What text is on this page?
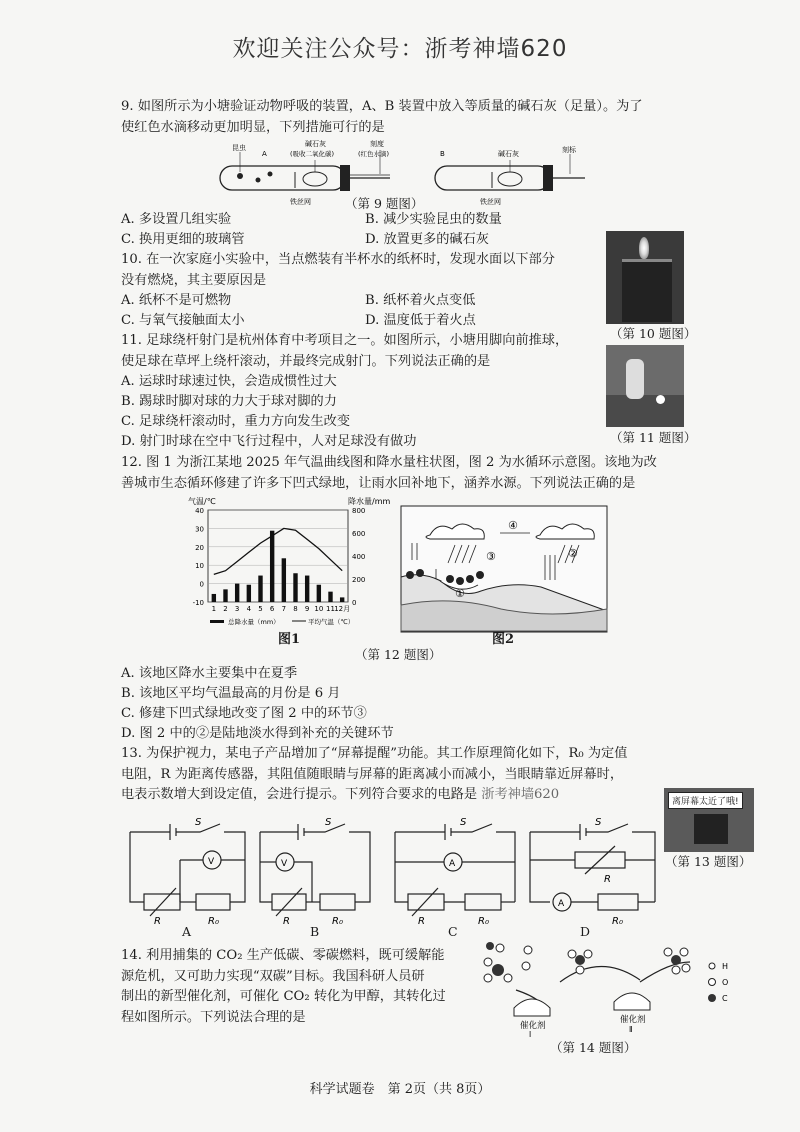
欢迎关注公众号：浙考神墙620
9. 如图所示为小塘验证动物呼吸的装置，A、B 装置中放入等质量的碱石灰（足量）。为了
使红色水滴移动更加明显，下列措施可行的是
昆虫
A
碱石灰
(吸收二氧化碳)
刻度
(红色水滴)
铁丝网
B	碱石灰	刻标
铁丝网
（第 9 题图）
A. 多设置几组实验	B. 减少实验昆虫的数量
C. 换用更细的玻璃管	D. 放置更多的碱石灰
10. 在一次家庭小实验中，当点燃装有半杯水的纸杯时，发现水面以下部分
没有燃烧，其主要原因是
A. 纸杯不是可燃物	B. 纸杯着火点变低
C. 与氧气接触面太小	D. 温度低于着火点
（第 10 题图）
11. 足球绕杆射门是杭州体育中考项目之一。如图所示，小塘用脚向前推球，
使足球在草坪上绕杆滚动，并最终完成射门。下列说法正确的是
A. 运球时球速过快，会造成惯性过大
B. 踢球时脚对球的力大于球对脚的力
C. 足球绕杆滚动时，重力方向发生改变
D. 射门时球在空中飞行过程中，人对足球没有做功	（第 11 题图）
12. 图 1 为浙江某地 2025 年气温曲线图和降水量柱状图，图 2 为水循环示意图。该地为改
善城市生态循环修建了许多下凹式绿地，让雨水回补地下，涵养水源。下列说法正确的是
气温/℃	降水量/mm
40
30
20
10
0
-10
800
600
400
200
0
1 2 3 4 5 6 7 8 9 10 11 12月
总降水量（mm）	平均气温（℃）
图1
④
③	②
①
图2
（第 12 题图）
A. 该地区降水主要集中在夏季
B. 该地区平均气温最高的月份是 6 月
C. 修建下凹式绿地改变了图 2 中的环节③
D. 图 2 中的②是陆地淡水得到补充的关键环节
13. 为保护视力，某电子产品增加了“屏幕提醒”功能。其工作原理简化如下，R₀ 为定值
电阻，R 为距离传感器，其阻值随眼睛与屏幕的距离减小而减小，当眼睛靠近屏幕时，
电表示数增大到设定值，会进行提示。下列符合要求的电路是 浙考神墙620	离屏幕太近了哦!
（第 13 题图）
S
V
R	R₀
S
V
R	R₀
S
A
R	R₀
S
R
A
R₀
A	B	C	D
14. 利用捕集的 CO₂ 生产低碳、零碳燃料，既可缓解能
源危机，又可助力实现“双碳”目标。我国科研人员研
制出的新型催化剂，可催化 CO₂ 转化为甲醇，其转化过
程如图所示。下列说法合理的是
H
O
C
催化剂
Ⅰ
催化剂
Ⅱ
（第 14 题图）
科学试题卷　第 2页（共 8页）
